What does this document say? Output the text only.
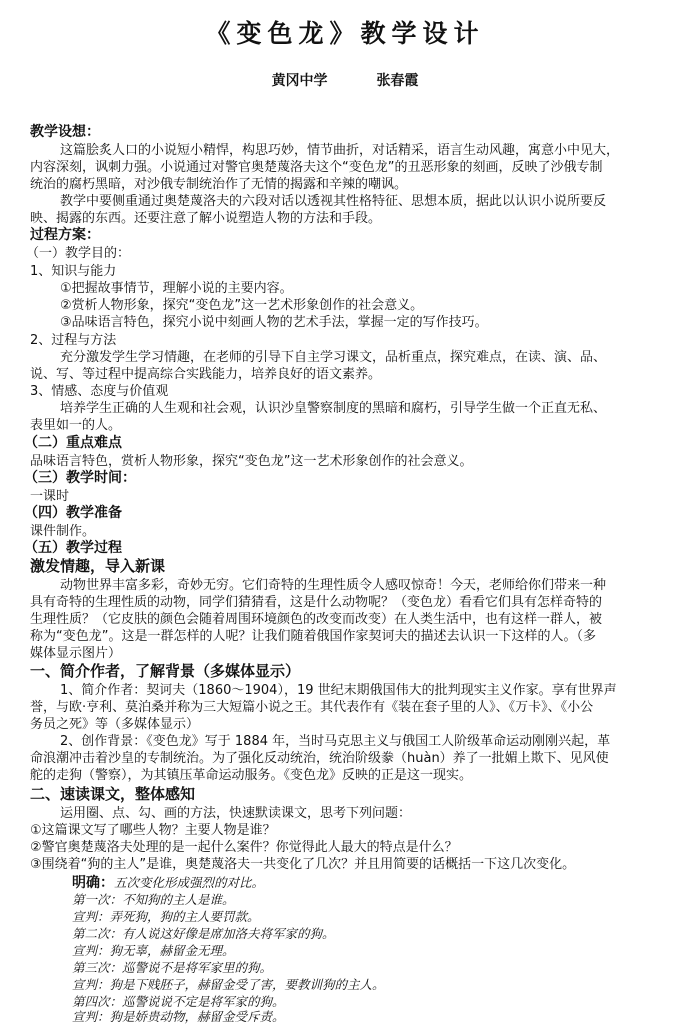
《变色龙》教学设计
黄冈中学	张春霞
教学设想：
这篇脍炙人口的小说短小精悍，构思巧妙，情节曲折，对话精采，语言生动风趣，寓意小中见大，
内容深刻，讽刺力强。小说通过对警官奥楚蔑洛夫这个“变色龙”的丑恶形象的刻画，反映了沙俄专制
统治的腐朽黑暗，对沙俄专制统治作了无情的揭露和辛辣的嘲讽。
教学中要侧重通过奥楚蔑洛夫的六段对话以透视其性格特征、思想本质，据此以认识小说所要反
映、揭露的东西。还要注意了解小说塑造人物的方法和手段。
过程方案：
（一）教学目的：
1、知识与能力
①把握故事情节，理解小说的主要内容。
②赏析人物形象，探究“变色龙”这一艺术形象创作的社会意义。
③品味语言特色，探究小说中刻画人物的艺术手法，掌握一定的写作技巧。
2、过程与方法
充分激发学生学习情趣，在老师的引导下自主学习课文，品析重点，探究难点，在读、演、品、
说、写、等过程中提高综合实践能力，培养良好的语文素养。
3、情感、态度与价值观
培养学生正确的人生观和社会观，认识沙皇警察制度的黑暗和腐朽，引导学生做一个正直无私、
表里如一的人。
（二）重点难点
品味语言特色，赏析人物形象，探究“变色龙”这一艺术形象创作的社会意义。
（三）教学时间：
一课时
（四）教学准备
课件制作。
（五）教学过程
激发情趣，导入新课
动物世界丰富多彩，奇妙无穷。它们奇特的生理性质令人感叹惊奇！今天，老师给你们带来一种
具有奇特的生理性质的动物，同学们猜猜看，这是什么动物呢？（变色龙）看看它们具有怎样奇特的
生理性质？（它皮肤的颜色会随着周围环境颜色的改变而改变）在人类生活中，也有这样一群人，被
称为“变色龙”。这是一群怎样的人呢？让我们随着俄国作家契诃夫的描述去认识一下这样的人。（多
媒体显示图片）
一、简介作者，了解背景（多媒体显示）
1、简介作者：契诃夫（1860～1904），19 世纪末期俄国伟大的批判现实主义作家。享有世界声
誉，与欧·亨利、莫泊桑并称为三大短篇小说之王。其代表作有《装在套子里的人》、《万卡》、《小公
务员之死》等（多媒体显示）
2、创作背景：《变色龙》写于 1884 年，当时马克思主义与俄国工人阶级革命运动刚刚兴起，革
命浪潮冲击着沙皇的专制统治。为了强化反动统治，统治阶级豢（huàn）养了一批媚上欺下、见风使
舵的走狗（警察），为其镇压革命运动服务。《变色龙》反映的正是这一现实。
二、速读课文，整体感知
运用圈、点、勾、画的方法，快速默读课文，思考下列问题：
①这篇课文写了哪些人物？主要人物是谁？
②警官奥楚蔑洛夫处理的是一起什么案件？你觉得此人最大的特点是什么？
③围绕着“狗的主人”是谁，奥楚蔑洛夫一共变化了几次？并且用简要的话概括一下这几次变化。
明确：五次变化形成强烈的对比。
第一次：不知狗的主人是谁。
宣判：弄死狗，狗的主人要罚款。
第二次：有人说这好像是席加洛夫将军家的狗。
宣判：狗无辜，赫留金无理。
第三次：巡警说不是将军家里的狗。
宣判：狗是下贱胚子，赫留金受了害，要教训狗的主人。
第四次：巡警说说不定是将军家的狗。
宣判：狗是娇贵动物，赫留金受斥责。
